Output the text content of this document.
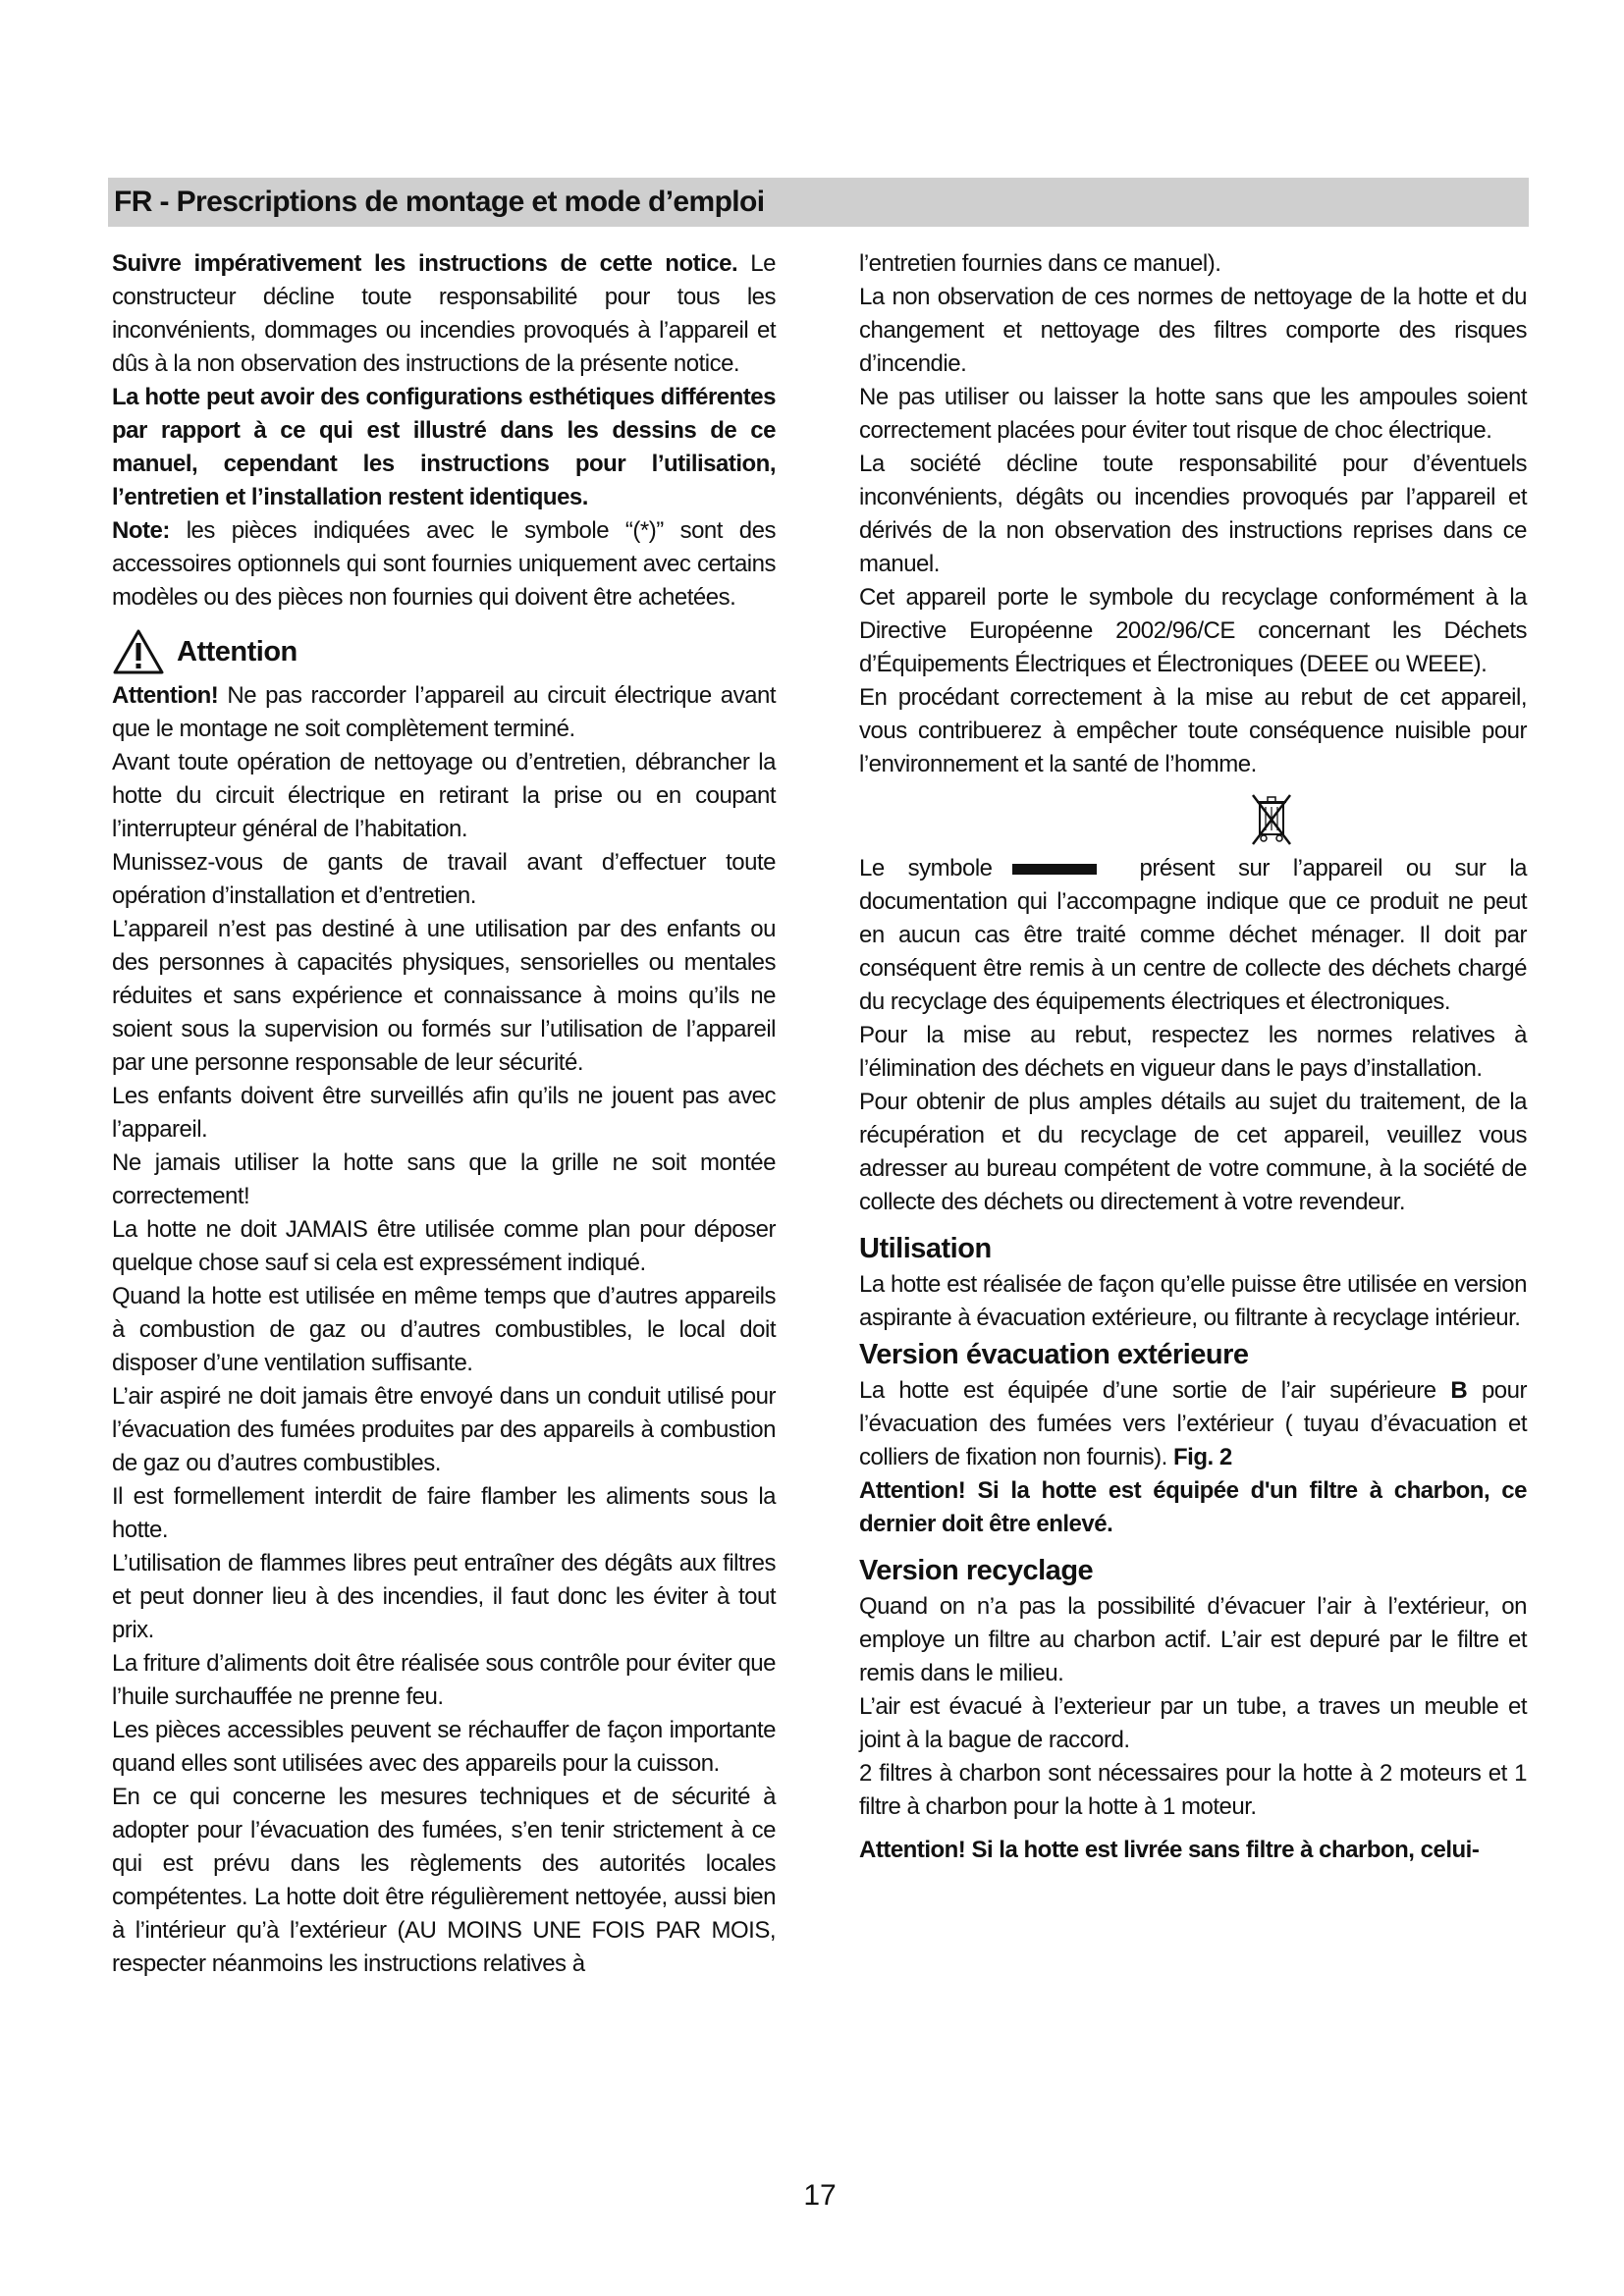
FR - Prescriptions de montage et mode d’emploi

Suivre impérativement les instructions de cette notice. Le constructeur décline toute responsabilité pour tous les inconvénients, dommages ou incendies provoqués à l’appareil et dûs à la non observation des instructions de la présente notice.

La hotte peut avoir des configurations esthétiques différentes par rapport à ce qui est illustré dans les dessins de ce manuel, cependant les instructions pour l’utilisation, l’entretien et l’installation restent identiques.

Note: les pièces indiquées avec le symbole “(*)” sont des accessoires optionnels qui sont fournies uniquement avec certains modèles ou des pièces non fournies qui doivent être achetées.

Attention

Attention! Ne pas raccorder l’appareil au circuit électrique avant que le montage ne soit complètement terminé.

Avant toute opération de nettoyage ou d’entretien, débrancher la hotte du circuit électrique en retirant la prise ou en coupant l’interrupteur général de l’habitation.

Munissez-vous de gants de travail avant d’effectuer toute opération d’installation et d’entretien.

L’appareil n’est pas destiné à une utilisation par des enfants ou des personnes à capacités physiques, sensorielles ou mentales réduites et sans expérience et connaissance à moins qu’ils ne soient sous la supervision ou formés sur l’utilisation de l’appareil par une personne responsable de leur sécurité.

Les enfants doivent être surveillés afin qu’ils ne jouent pas avec l’appareil.

Ne jamais utiliser la hotte sans que la grille ne soit montée correctement!

La hotte ne doit JAMAIS être utilisée comme plan pour déposer quelque chose sauf si cela est expressément indiqué.

Quand la hotte est utilisée en même temps que d’autres appareils à combustion de gaz ou d’autres combustibles, le local doit disposer d’une ventilation suffisante.

L’air aspiré ne doit jamais être envoyé dans un conduit utilisé pour l’évacuation des fumées produites par des appareils à combustion de gaz ou d’autres combustibles.

Il est formellement interdit de faire flamber les aliments sous la hotte.

L’utilisation de flammes libres peut entraîner des dégâts aux filtres et peut donner lieu à des incendies, il faut donc les éviter à tout prix.

La friture d’aliments doit être réalisée sous contrôle pour éviter que l’huile surchauffée ne prenne feu.

Les pièces accessibles peuvent se réchauffer de façon importante quand elles sont utilisées avec des appareils pour la cuisson.

En ce qui concerne les mesures techniques et de sécurité à adopter pour l’évacuation des fumées, s’en tenir strictement à ce qui est prévu dans les règlements des autorités locales compétentes. La hotte doit être régulièrement nettoyée, aussi bien à l’intérieur qu’à l’extérieur (AU MOINS UNE FOIS PAR MOIS, respecter néanmoins les instructions relatives à

l’entretien fournies dans ce manuel).

La non observation de ces normes de nettoyage de la hotte et du changement et nettoyage des filtres comporte des risques d’incendie.

Ne pas utiliser ou laisser la hotte sans que les ampoules soient correctement placées pour éviter tout risque de choc électrique.

La société décline toute responsabilité pour d’éventuels inconvénients, dégâts ou incendies provoqués par l’appareil et dérivés de la non observation des instructions reprises dans ce manuel.

Cet appareil porte le symbole du recyclage conformément à la Directive Européenne 2002/96/CE concernant les Déchets d’Équipements Électriques et Électroniques (DEEE ou WEEE).

En procédant correctement à la mise au rebut de cet appareil, vous contribuerez à empêcher toute conséquence nuisible pour l’environnement et la santé de l’homme.

Le symbole	présent sur l’appareil ou sur la documentation qui l’accompagne indique que ce produit ne peut en aucun cas être traité comme déchet ménager. Il doit par conséquent être remis à un centre de collecte des déchets chargé du recyclage des équipements électriques et électroniques.

Pour la mise au rebut, respectez les normes relatives à l’élimination des déchets en vigueur dans le pays d’installation.

Pour obtenir de plus amples détails au sujet du traitement, de la récupération et du recyclage de cet appareil, veuillez vous adresser au bureau compétent de votre commune, à la société de collecte des déchets ou directement à votre revendeur.

Utilisation

La hotte est réalisée de façon qu’elle puisse être utilisée en version aspirante à évacuation extérieure, ou filtrante à recyclage intérieur.

Version évacuation extérieure

La hotte est équipée d’une sortie de l’air supérieure B pour l’évacuation des fumées vers l’extérieur ( tuyau d’évacuation et colliers de fixation non fournis). Fig. 2

Attention! Si la hotte est équipée d'un filtre à charbon, ce dernier doit être enlevé.

Version recyclage

Quand on n’a pas la possibilité d’évacuer l’air à l’extérieur, on employe un filtre au charbon actif. L’air est depuré par le filtre et remis dans le milieu.

L’air est évacué à l’exterieur par un tube, a traves un meuble et joint à la bague de raccord.

2 filtres à charbon sont nécessaires pour la hotte à 2 moteurs et 1 filtre à charbon pour la hotte à 1 moteur.

Attention! Si la hotte est livrée sans filtre à charbon, celui-

17
